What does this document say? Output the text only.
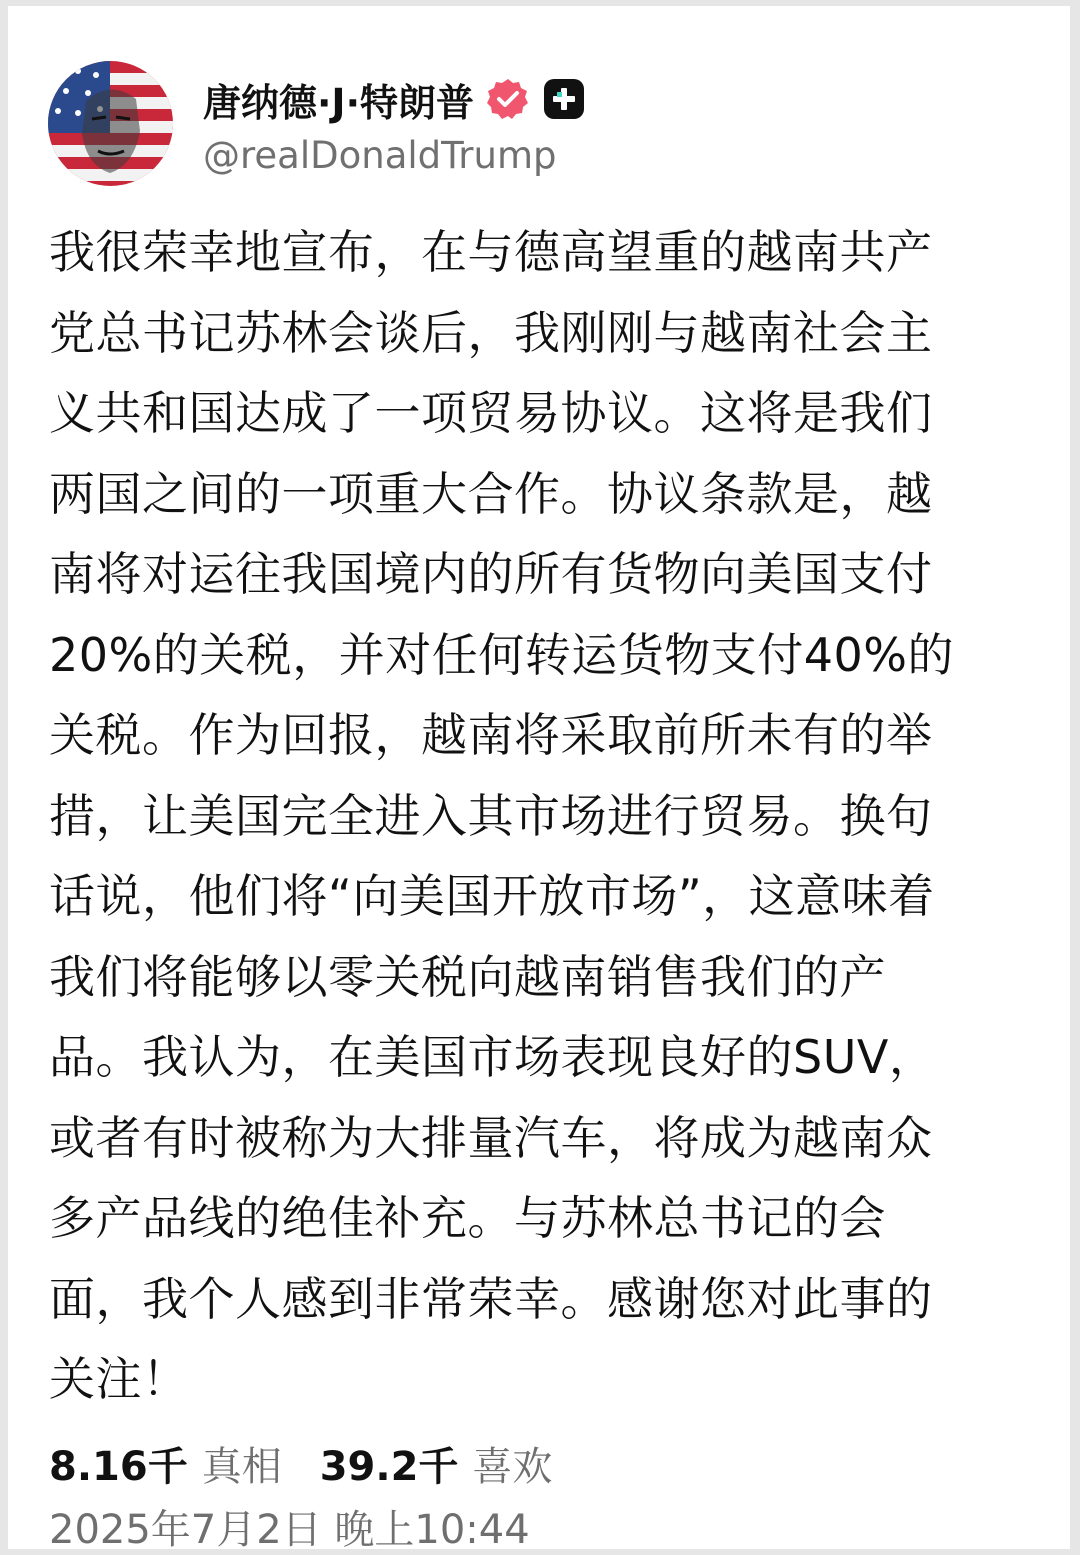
唐纳德·J·特朗普
@realDonaldTrump
我很荣幸地宣布，在与德高望重的越南共产
党总书记苏林会谈后，我刚刚与越南社会主
义共和国达成了一项贸易协议。这将是我们
两国之间的一项重大合作。协议条款是，越
南将对运往我国境内的所有货物向美国支付
20%的关税，并对任何转运货物支付40%的
关税。作为回报，越南将采取前所未有的举
措，让美国完全进入其市场进行贸易。换句
话说，他们将“向美国开放市场”，这意味着
我们将能够以零关税向越南销售我们的产
品。我认为，在美国市场表现良好的SUV，
或者有时被称为大排量汽车，将成为越南众
多产品线的绝佳补充。与苏林总书记的会
面，我个人感到非常荣幸。感谢您对此事的
关注！
8.16千 真相 39.2千 喜欢
2025年7月2日 晚上10:44
